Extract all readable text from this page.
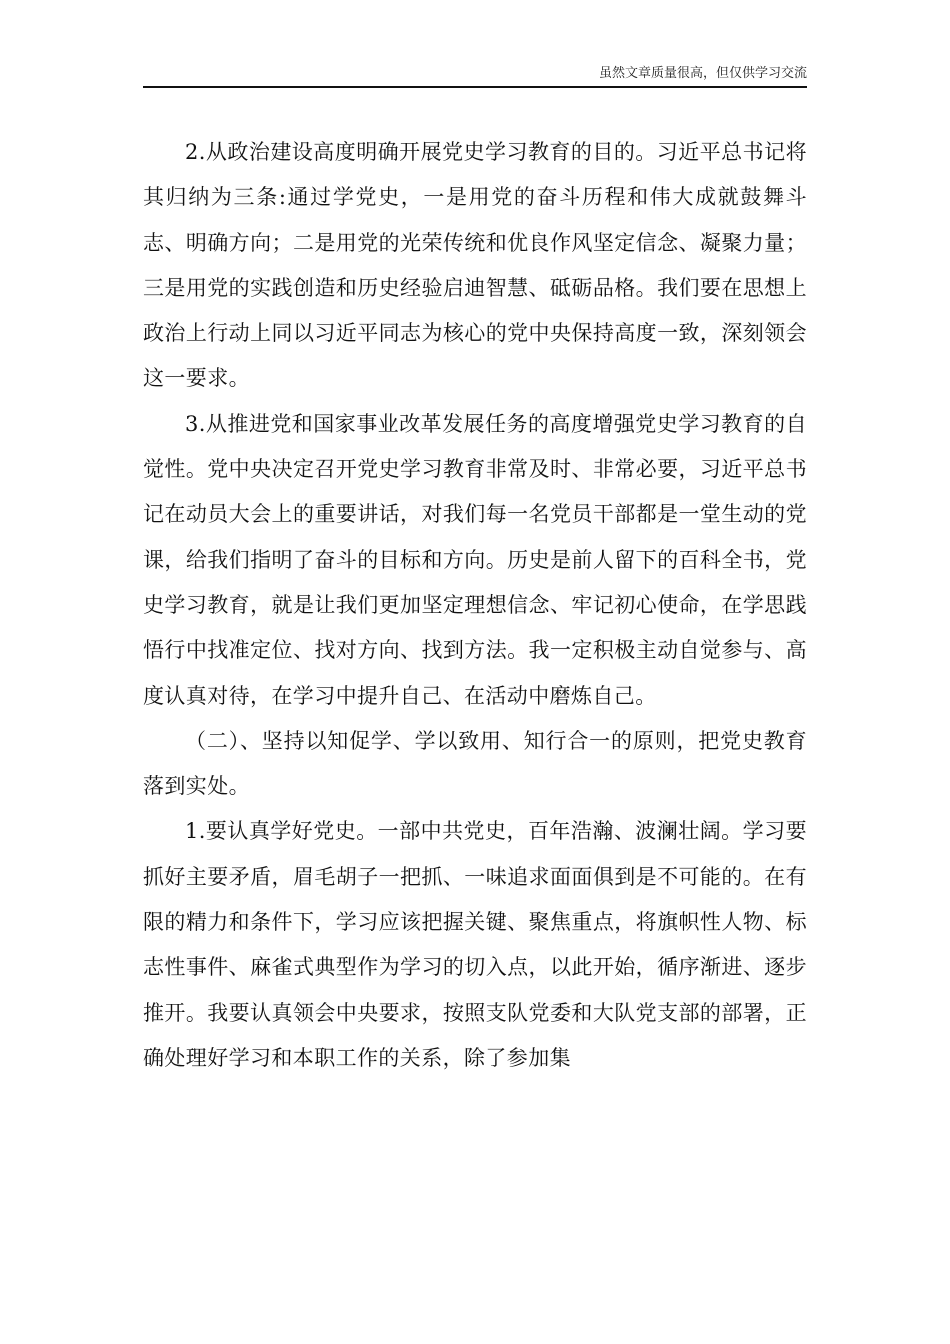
虽然文章质量很高，但仅供学习交流

2.从政治建设高度明确开展党史学习教育的目的。习近平总书记将其归纳为三条:通过学党史，一是用党的奋斗历程和伟大成就鼓舞斗志、明确方向；二是用党的光荣传统和优良作风坚定信念、凝聚力量；三是用党的实践创造和历史经验启迪智慧、砥砺品格。我们要在思想上政治上行动上同以习近平同志为核心的党中央保持高度一致，深刻领会这一要求。

3.从推进党和国家事业改革发展任务的高度增强党史学习教育的自觉性。党中央决定召开党史学习教育非常及时、非常必要，习近平总书记在动员大会上的重要讲话，对我们每一名党员干部都是一堂生动的党课，给我们指明了奋斗的目标和方向。历史是前人留下的百科全书，党史学习教育，就是让我们更加坚定理想信念、牢记初心使命，在学思践悟行中找准定位、找对方向、找到方法。我一定积极主动自觉参与、高度认真对待，在学习中提升自己、在活动中磨炼自己。

（二）、坚持以知促学、学以致用、知行合一的原则，把党史教育落到实处。

1.要认真学好党史。一部中共党史，百年浩瀚、波澜壮阔。学习要抓好主要矛盾，眉毛胡子一把抓、一味追求面面俱到是不可能的。在有限的精力和条件下，学习应该把握关键、聚焦重点，将旗帜性人物、标志性事件、麻雀式典型作为学习的切入点，以此开始，循序渐进、逐步推开。我要认真领会中央要求，按照支队党委和大队党支部的部署，正确处理好学习和本职工作的关系，除了参加集
